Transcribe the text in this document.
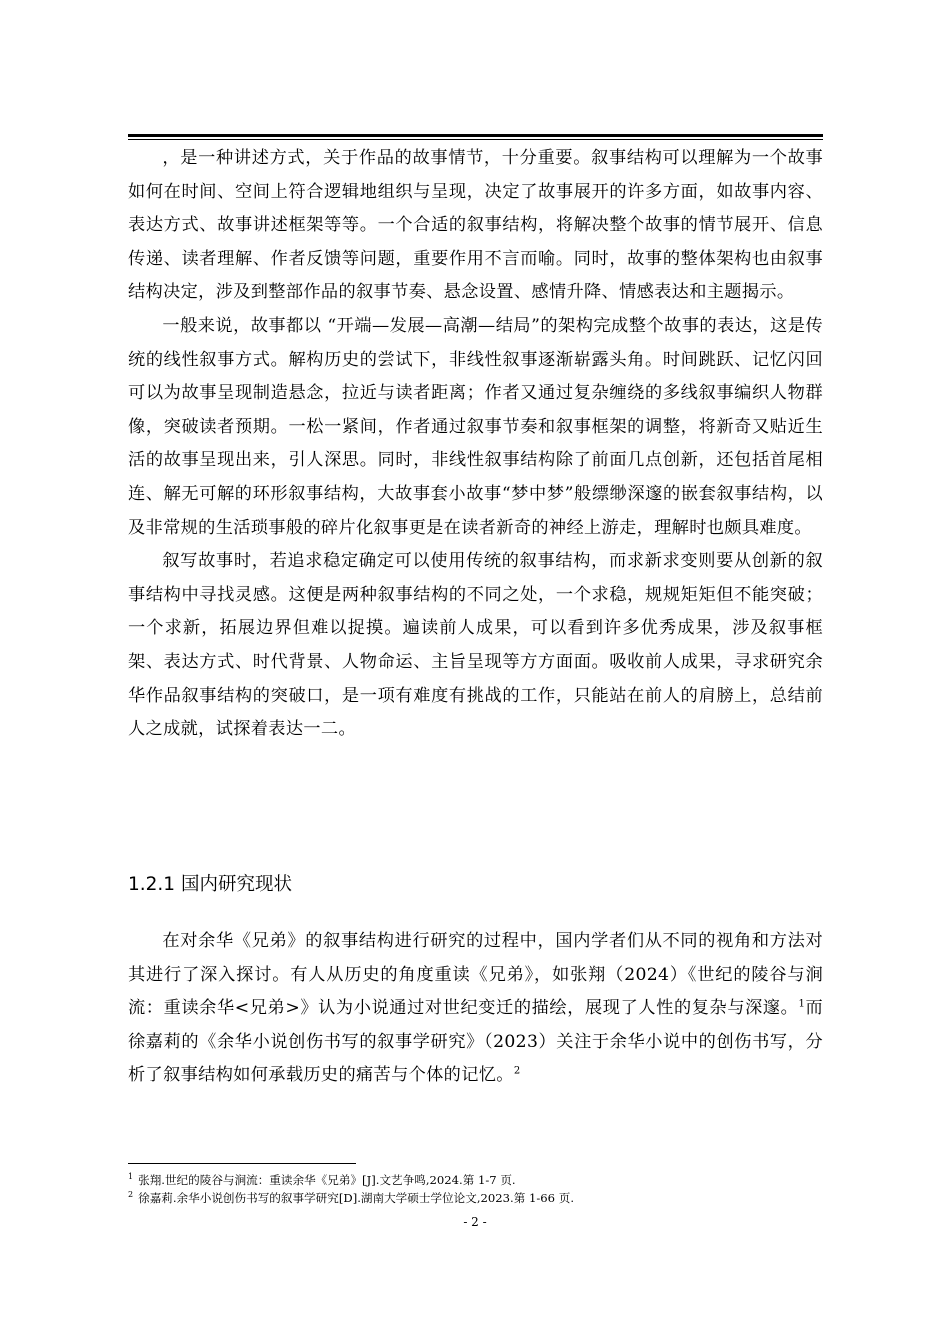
，是一种讲述方式，关于作品的故事情节，十分重要。叙事结构可以理解为一个故事如何在时间、空间上符合逻辑地组织与呈现，决定了故事展开的许多方面，如故事内容、表达方式、故事讲述框架等等。一个合适的叙事结构，将解决整个故事的情节展开、信息传递、读者理解、作者反馈等问题，重要作用不言而喻。同时，故事的整体架构也由叙事结构决定，涉及到整部作品的叙事节奏、悬念设置、感情升降、情感表达和主题揭示。

一般来说，故事都以 “开端—发展—高潮—结局”的架构完成整个故事的表达，这是传统的线性叙事方式。解构历史的尝试下，非线性叙事逐渐崭露头角。时间跳跃、记忆闪回可以为故事呈现制造悬念，拉近与读者距离；作者又通过复杂缠绕的多线叙事编织人物群像，突破读者预期。一松一紧间，作者通过叙事节奏和叙事框架的调整，将新奇又贴近生活的故事呈现出来，引人深思。同时，非线性叙事结构除了前面几点创新，还包括首尾相连、解无可解的环形叙事结构，大故事套小故事“梦中梦”般缥缈深邃的嵌套叙事结构，以及非常规的生活琐事般的碎片化叙事更是在读者新奇的神经上游走，理解时也颇具难度。

叙写故事时，若追求稳定确定可以使用传统的叙事结构，而求新求变则要从创新的叙事结构中寻找灵感。这便是两种叙事结构的不同之处，一个求稳，规规矩矩但不能突破；一个求新，拓展边界但难以捉摸。遍读前人成果，可以看到许多优秀成果，涉及叙事框架、表达方式、时代背景、人物命运、主旨呈现等方方面面。吸收前人成果，寻求研究余华作品叙事结构的突破口，是一项有难度有挑战的工作，只能站在前人的肩膀上，总结前人之成就，试探着表达一二。

1.2.1 国内研究现状

在对余华《兄弟》的叙事结构进行研究的过程中，国内学者们从不同的视角和方法对其进行了深入探讨。有人从历史的角度重读《兄弟》，如张翔（2024）《世纪的陵谷与涧流：重读余华<兄弟>》认为小说通过对世纪变迁的描绘，展现了人性的复杂与深邃。$^1$而徐嘉莉的《余华小说创伤书写的叙事学研究》（2023）关注于余华小说中的创伤书写，分析了叙事结构如何承载历史的痛苦与个体的记忆。$^2$

$^1$ 张翔.世纪的陵谷与涧流：重读余华《兄弟》[J].文艺争鸣,2024.第 1-7 页.

$^2$ 徐嘉莉.余华小说创伤书写的叙事学研究[D].湖南大学硕士学位论文,2023.第 1-66 页.

- 2 -
